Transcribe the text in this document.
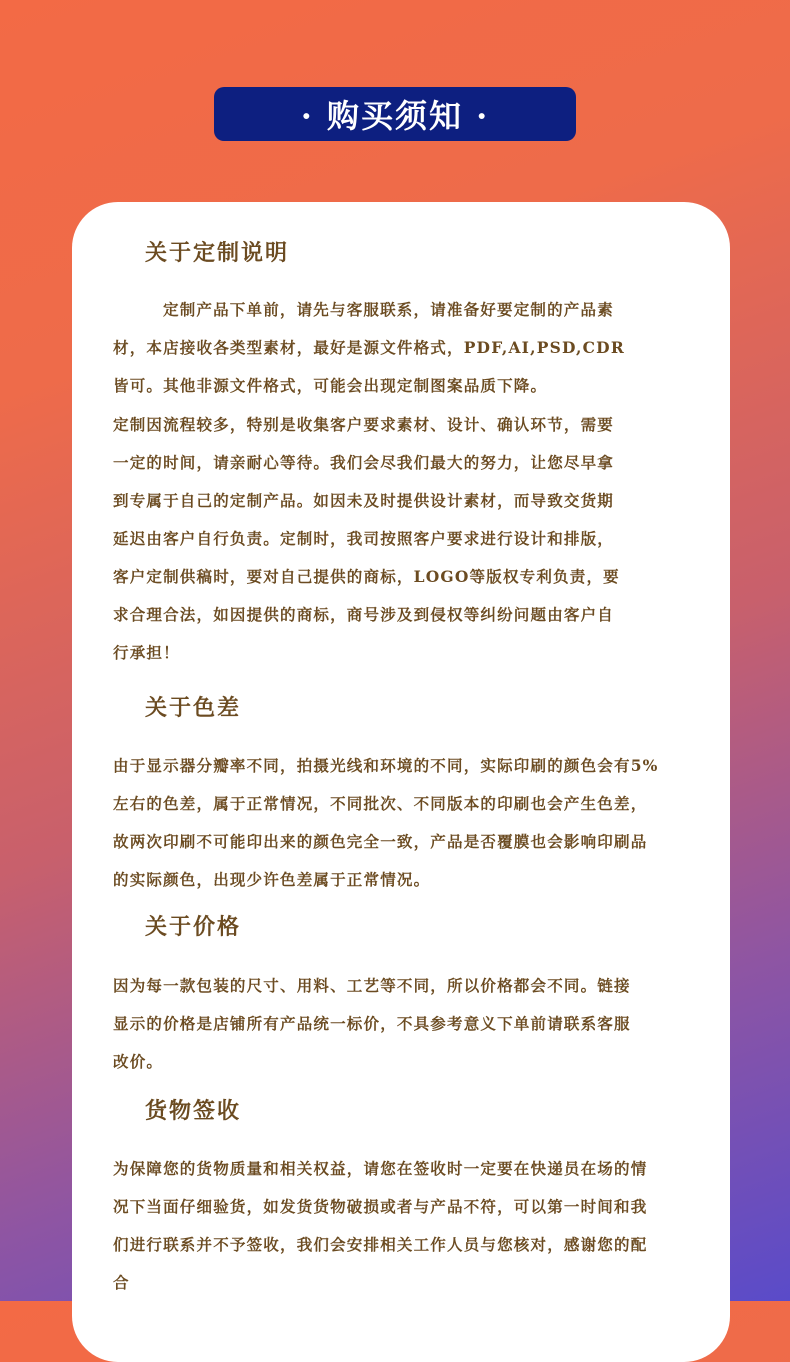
· 购买须知 ·
关于定制说明
定制产品下单前，请先与客服联系，请准备好要定制的产品素
材，本店接收各类型素材，最好是源文件格式，PDF,AI,PSD,CDR
皆可。其他非源文件格式，可能会出现定制图案品质下降。
定制因流程较多，特别是收集客户要求素材、设计、确认环节，需要
一定的时间，请亲耐心等待。我们会尽我们最大的努力，让您尽早拿
到专属于自己的定制产品。如因未及时提供设计素材，而导致交货期
延迟由客户自行负责。定制时，我司按照客户要求进行设计和排版，
客户定制供稿时，要对自己提供的商标，LOGO等版权专利负责，要
求合理合法，如因提供的商标，商号涉及到侵权等纠纷问题由客户自
行承担！
关于色差
由于显示器分瓣率不同，拍摄光线和环境的不同，实际印刷的颜色会有5%
左右的色差，属于正常情况，不同批次、不同版本的印刷也会产生色差，
故两次印刷不可能印出来的颜色完全一致，产品是否覆膜也会影响印刷品
的实际颜色，出现少许色差属于正常情况。
关于价格
因为每一款包装的尺寸、用料、工艺等不同，所以价格都会不同。链接
显示的价格是店铺所有产品统一标价，不具参考意义下单前请联系客服
改价。
货物签收
为保障您的货物质量和相关权益，请您在签收时一定要在快递员在场的情
况下当面仔细验货，如发货货物破损或者与产品不符，可以第一时间和我
们进行联系并不予签收，我们会安排相关工作人员与您核对，感谢您的配
合
